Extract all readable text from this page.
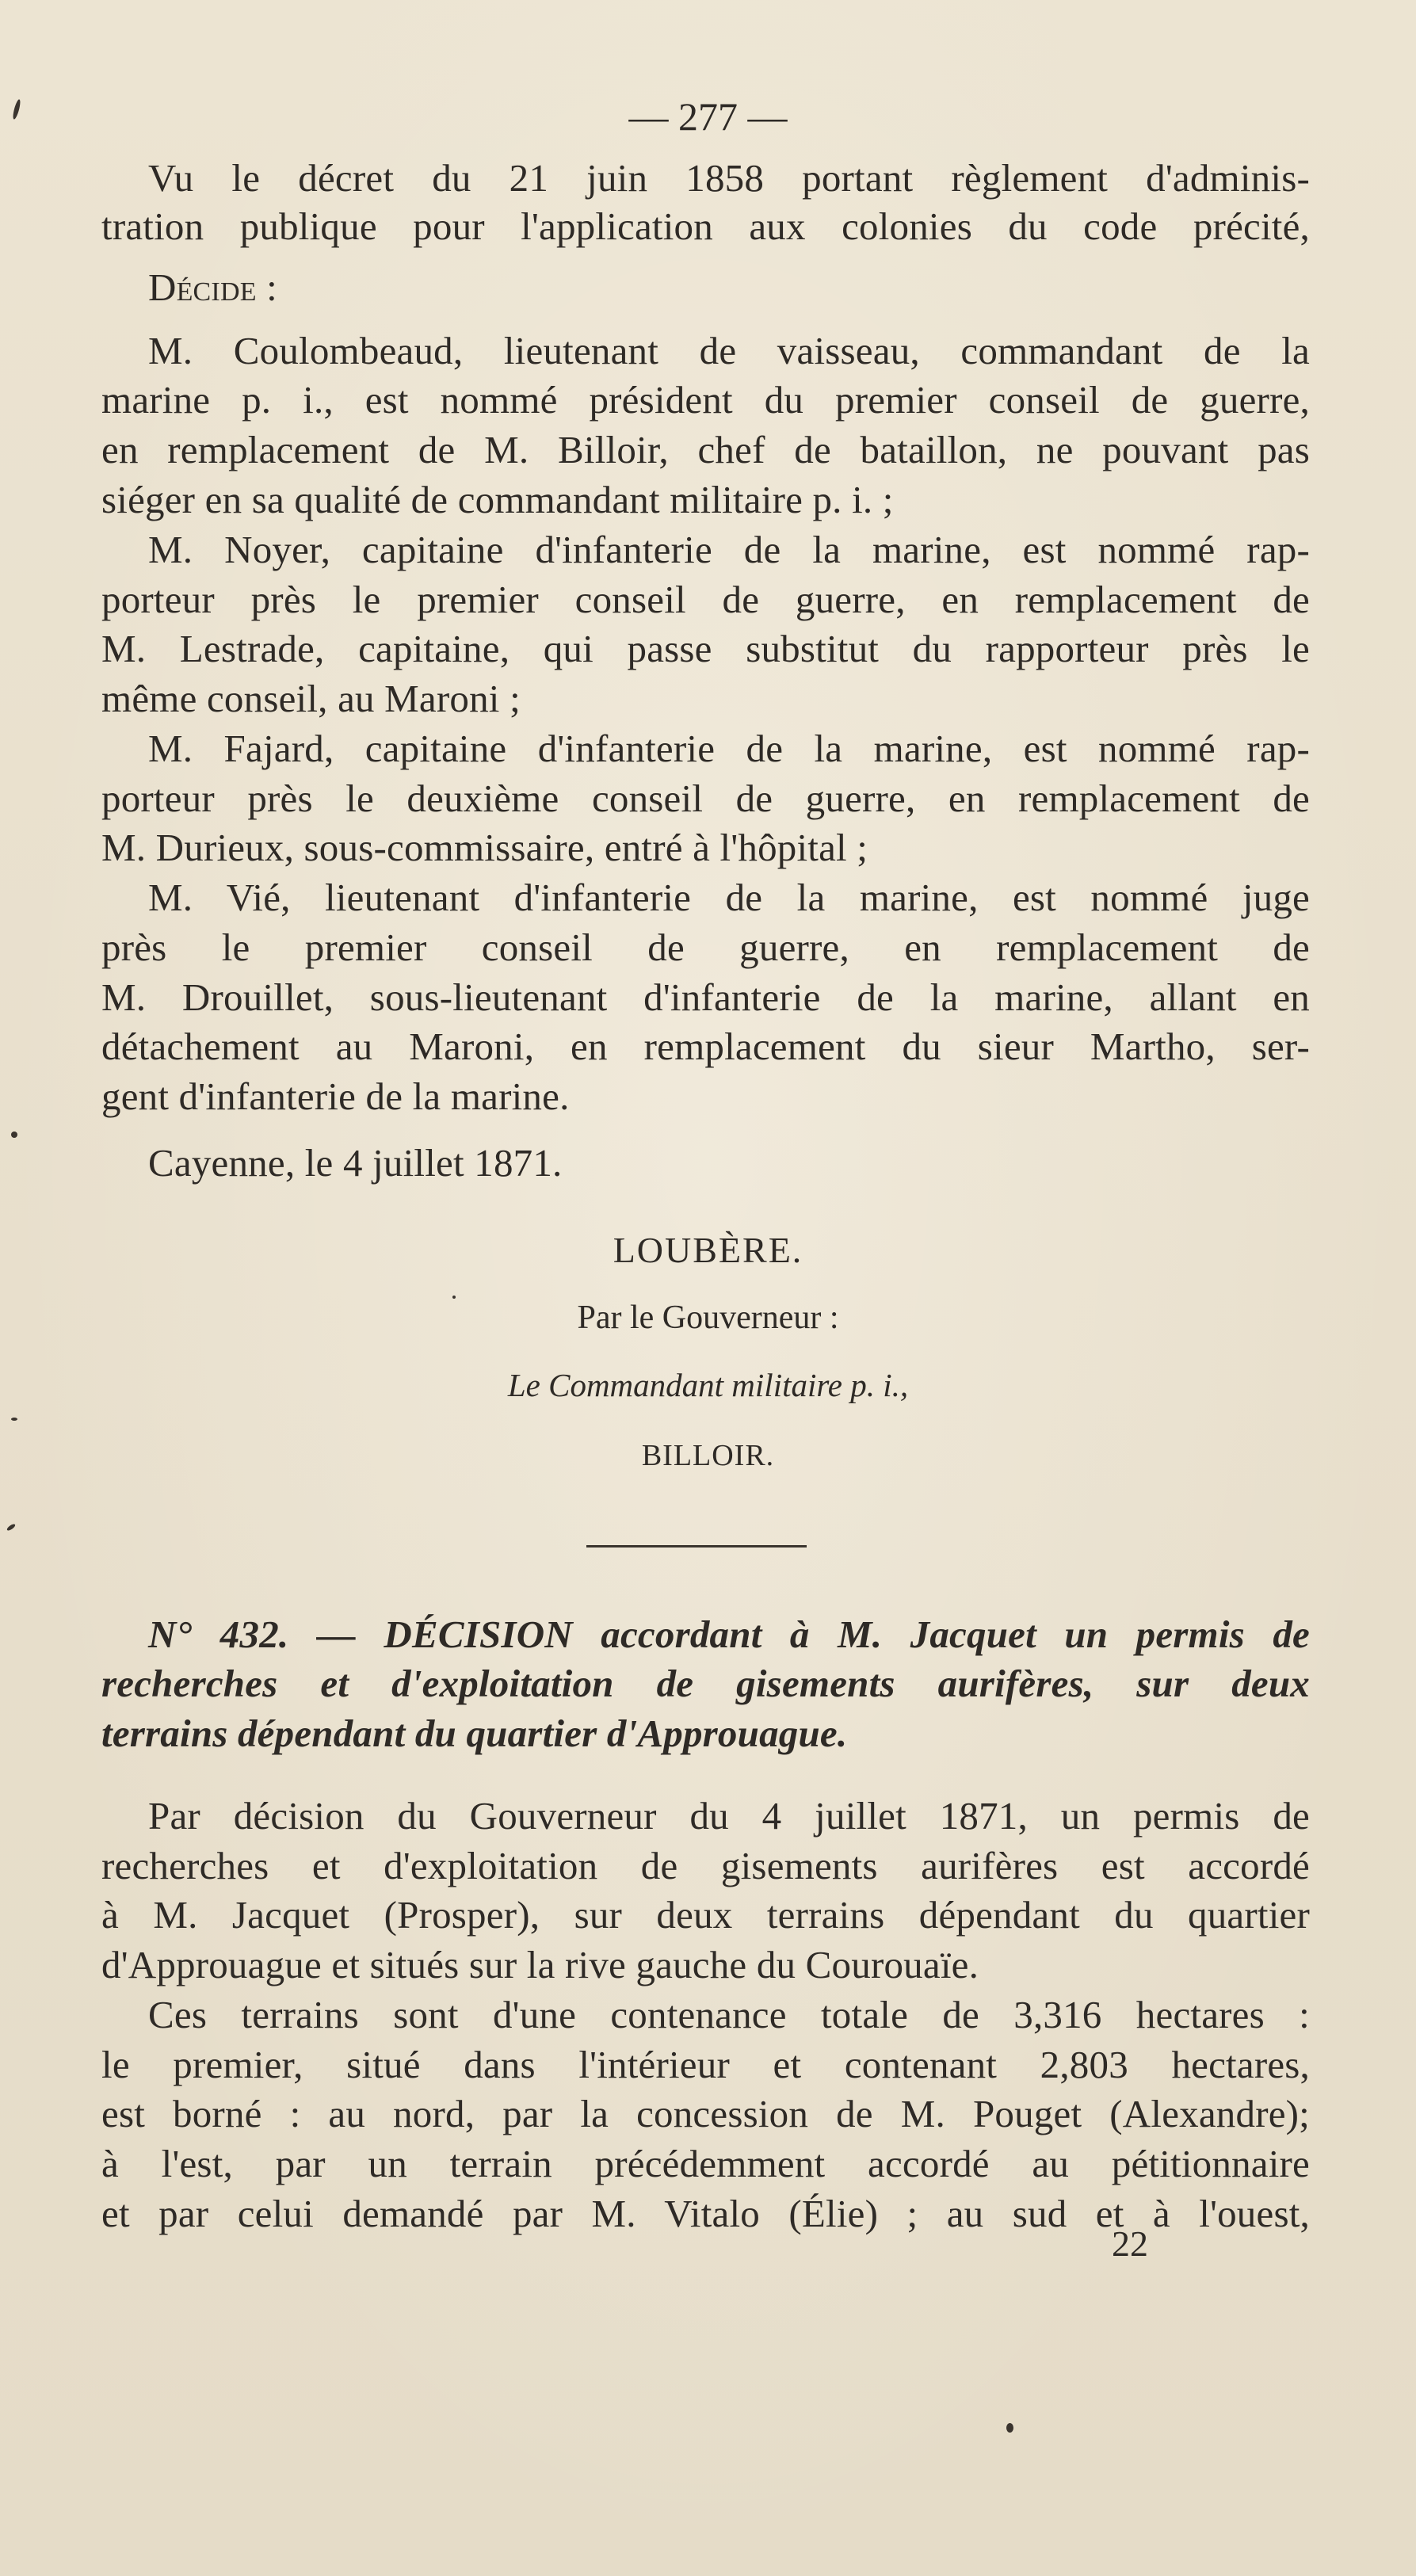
— 277 —
Vu le décret du 21 juin 1858 portant règlement d'adminis-
tration publique pour l'application aux colonies du code précité,
Décide :
M. Coulombeaud, lieutenant de vaisseau, commandant de la
marine p. i., est nommé président du premier conseil de guerre,
en remplacement de M. Billoir, chef de bataillon, ne pouvant pas
siéger en sa qualité de commandant militaire p. i. ;
M. Noyer, capitaine d'infanterie de la marine, est nommé rap-
porteur près le premier conseil de guerre, en remplacement de
M. Lestrade, capitaine, qui passe substitut du rapporteur près le
même conseil, au Maroni ;
M. Fajard, capitaine d'infanterie de la marine, est nommé rap-
porteur près le deuxième conseil de guerre, en remplacement de
M. Durieux, sous-commissaire, entré à l'hôpital ;
M. Vié, lieutenant d'infanterie de la marine, est nommé juge
près le premier conseil de guerre, en remplacement de
M. Drouillet, sous-lieutenant d'infanterie de la marine, allant en
détachement au Maroni, en remplacement du sieur Martho, ser-
gent d'infanterie de la marine.
Cayenne, le 4 juillet 1871.
LOUBÈRE.
Par le Gouverneur :
Le Commandant militaire p. i.,
BILLOIR.
N° 432. — DÉCISION accordant à M. Jacquet un permis de
recherches et d'exploitation de gisements aurifères, sur deux
terrains dépendant du quartier d'Approuague.
Par décision du Gouverneur du 4 juillet 1871, un permis de
recherches et d'exploitation de gisements aurifères est accordé
à M. Jacquet (Prosper), sur deux terrains dépendant du quartier
d'Approuague et situés sur la rive gauche du Courouaïe.
Ces terrains sont d'une contenance totale de 3,316 hectares :
le premier, situé dans l'intérieur et contenant 2,803 hectares,
est borné : au nord, par la concession de M. Pouget (Alexandre);
à l'est, par un terrain précédemment accordé au pétitionnaire
et par celui demandé par M. Vitalo (Élie) ; au sud et à l'ouest,
22
